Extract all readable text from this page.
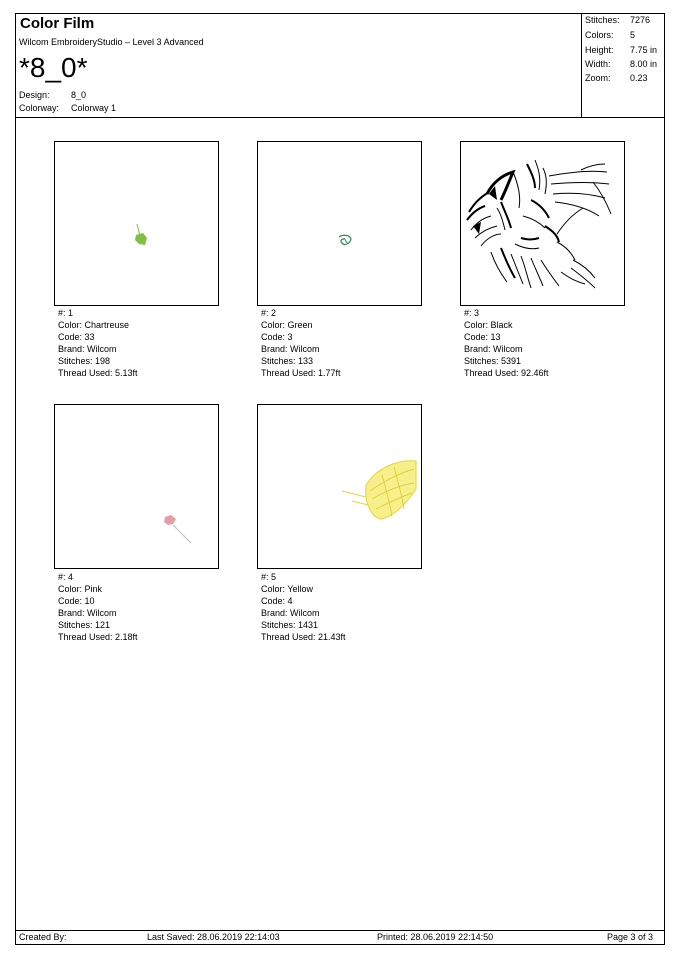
Color Film
Wilcom EmbroideryStudio – Level 3 Advanced
*8_0*
Design: 8_0
Colorway: Colorway 1
Stitches: 7276
Colors: 5
Height: 7.75 in
Width: 8.00 in
Zoom: 0.23
#: 1
Color: Chartreuse
Code: 33
Brand: Wilcom
Stitches: 198
Thread Used: 5.13ft
#: 2
Color: Green
Code: 3
Brand: Wilcom
Stitches: 133
Thread Used: 1.77ft
#: 3
Color: Black
Code: 13
Brand: Wilcom
Stitches: 5391
Thread Used: 92.46ft
#: 4
Color: Pink
Code: 10
Brand: Wilcom
Stitches: 121
Thread Used: 2.18ft
#: 5
Color: Yellow
Code: 4
Brand: Wilcom
Stitches: 1431
Thread Used: 21.43ft
Created By:	Last Saved: 28.06.2019 22:14:03	Printed: 28.06.2019 22:14:50	Page 3 of 3
